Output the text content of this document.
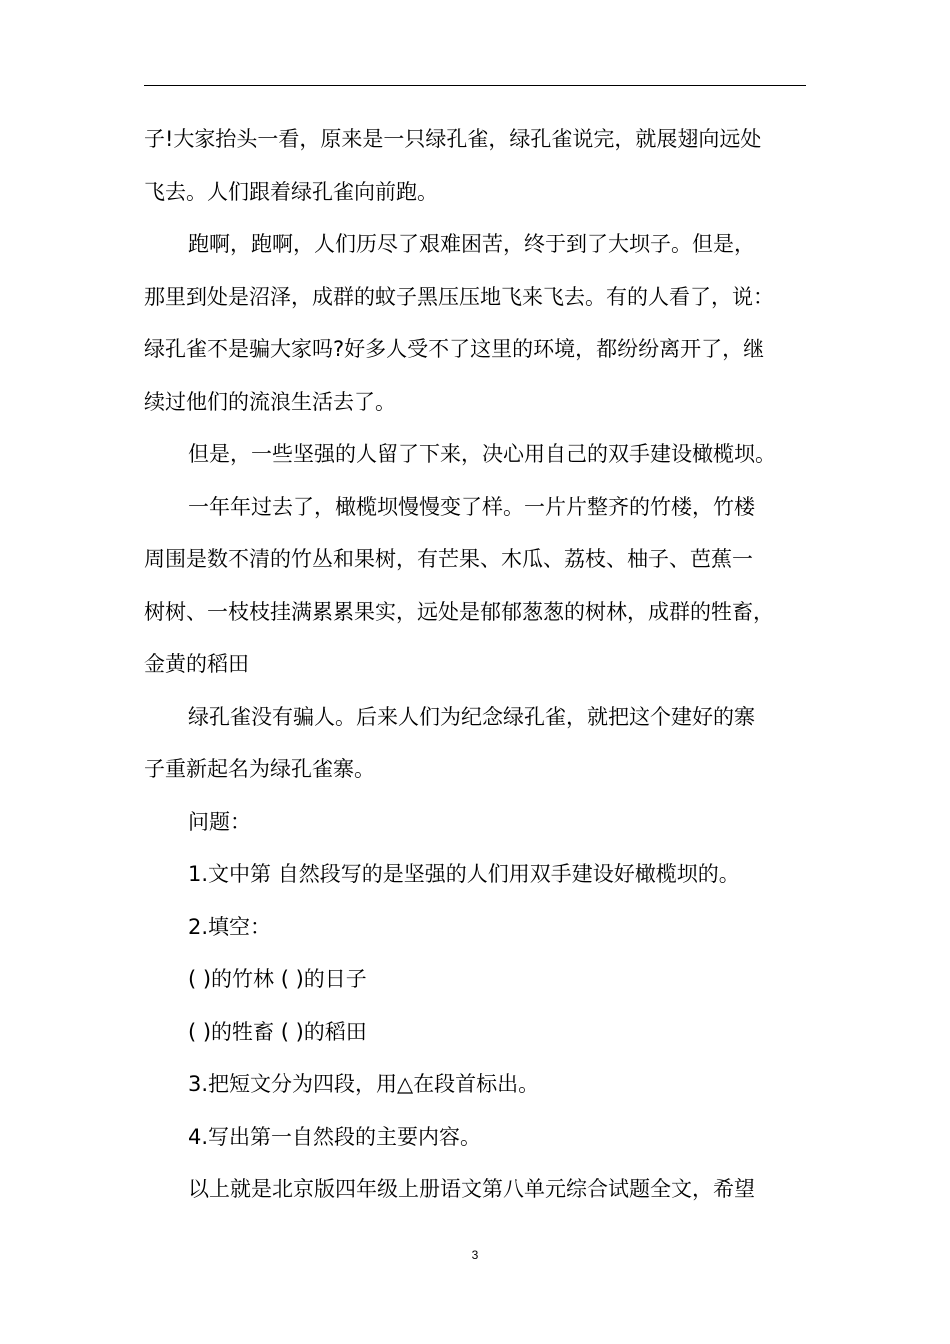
子!大家抬头一看，原来是一只绿孔雀，绿孔雀说完，就展翅向远处
飞去。人们跟着绿孔雀向前跑。
跑啊，跑啊，人们历尽了艰难困苦，终于到了大坝子。但是，
那里到处是沼泽，成群的蚊子黑压压地飞来飞去。有的人看了，说：
绿孔雀不是骗大家吗?好多人受不了这里的环境，都纷纷离开了，继
续过他们的流浪生活去了。
但是，一些坚强的人留了下来，决心用自己的双手建设橄榄坝。
一年年过去了，橄榄坝慢慢变了样。一片片整齐的竹楼，竹楼
周围是数不清的竹丛和果树，有芒果、木瓜、荔枝、柚子、芭蕉一
树树、一枝枝挂满累累果实，远处是郁郁葱葱的树林，成群的牲畜，
金黄的稻田
绿孔雀没有骗人。后来人们为纪念绿孔雀，就把这个建好的寨
子重新起名为绿孔雀寨。
问题：
1.文中第 自然段写的是坚强的人们用双手建设好橄榄坝的。
2.填空：
( )的竹林 ( )的日子
( )的牲畜 ( )的稻田
3.把短文分为四段，用△在段首标出。
4.写出第一自然段的主要内容。
以上就是北京版四年级上册语文第八单元综合试题全文，希望
3
